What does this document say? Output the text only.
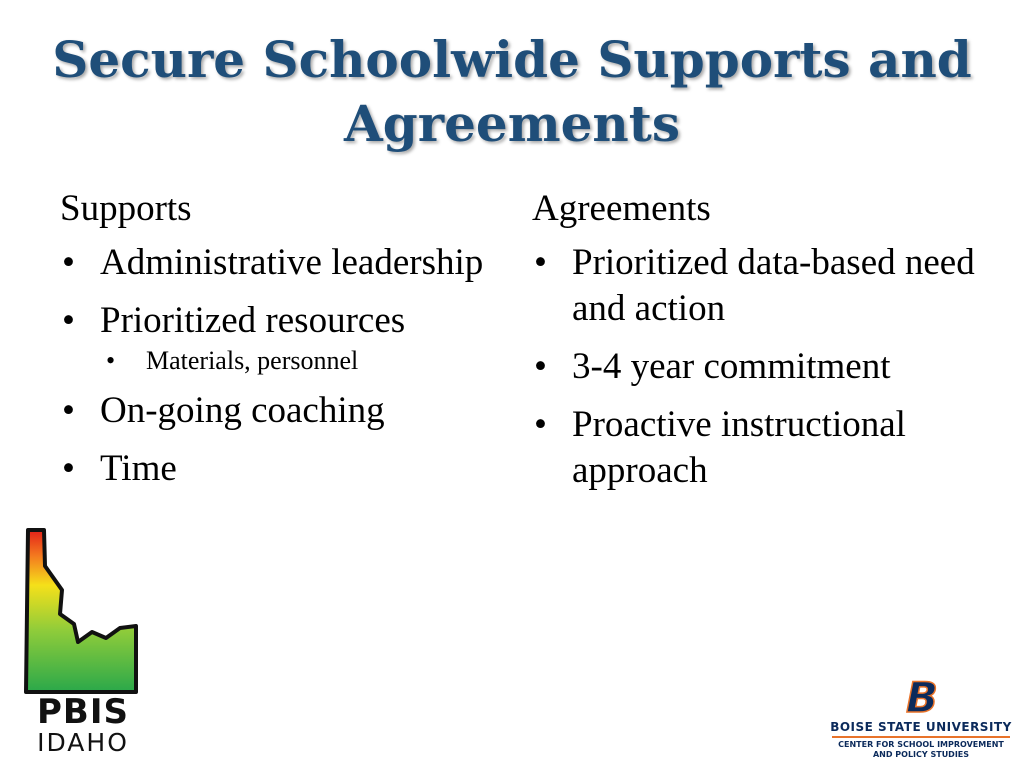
Secure Schoolwide Supports and Agreements
Supports
• Administrative leadership
• Prioritized resources
• Materials, personnel
• On-going coaching
• Time
Agreements
• Prioritized data-based need and action
• 3-4 year commitment
• Proactive instructional approach
PBIS
IDAHO
B
BOISE STATE UNIVERSITY
CENTER FOR SCHOOL IMPROVEMENT
AND POLICY STUDIES
